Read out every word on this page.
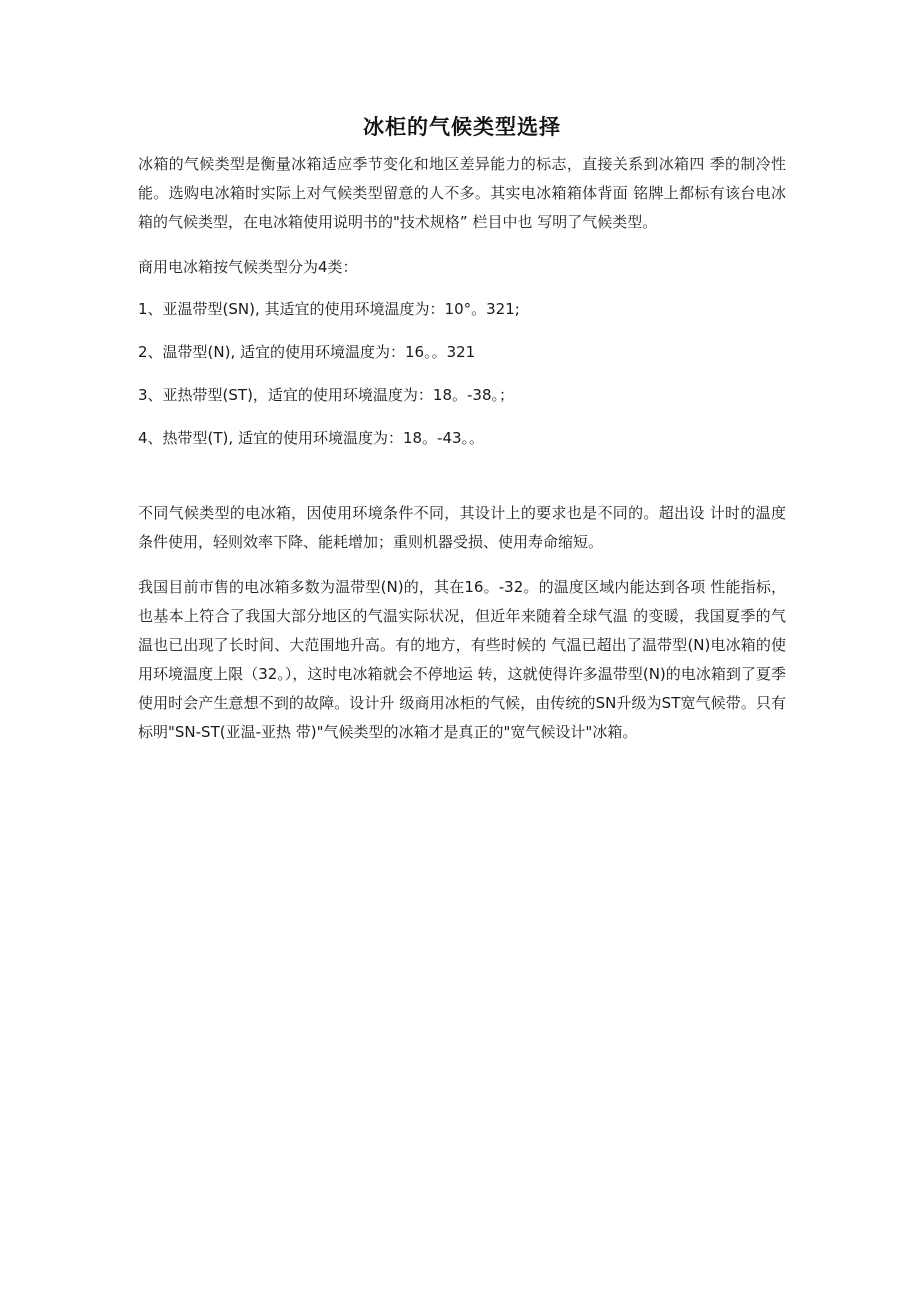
冰柜的气候类型选择

冰箱的气候类型是衡量冰箱适应季节变化和地区差异能力的标志，直接关系到冰箱四 季的制冷性能。选购电冰箱时实际上对气候类型留意的人不多。其实电冰箱箱体背面 铭牌上都标有该台电冰箱的气候类型，在电冰箱使用说明书的"技术规格” 栏目中也 写明了气候类型。

商用电冰箱按气候类型分为4类：

1、亚温带型(SN), 其适宜的使用环境温度为：10°。321;

2、温带型(N), 适宜的使用环境温度为：16。。321

3、亚热带型(ST)，适宜的使用环境温度为：18。-38。；

4、热带型(T), 适宜的使用环境温度为：18。-43。。

不同气候类型的电冰箱，因使用环境条件不同，其设计上的要求也是不同的。超出设 计时的温度条件使用，轻则效率下降、能耗增加；重则机器受损、使用寿命缩短。

我国目前市售的电冰箱多数为温带型(N)的，其在16。-32。的温度区域内能达到各项 性能指标，也基本上符合了我国大部分地区的气温实际状况，但近年来随着全球气温 的变暖，我国夏季的气温也已出现了长时间、大范围地升高。有的地方，有些时候的 气温已超出了温带型(N)电冰箱的使用环境温度上限（32。），这时电冰箱就会不停地运 转，这就使得许多温带型(N)的电冰箱到了夏季使用时会产生意想不到的故障。设计升 级商用冰柜的气候，由传统的SN升级为ST宽气候带。只有标明"SN-ST(亚温-亚热 带)"气候类型的冰箱才是真正的"宽气候设计"冰箱。
